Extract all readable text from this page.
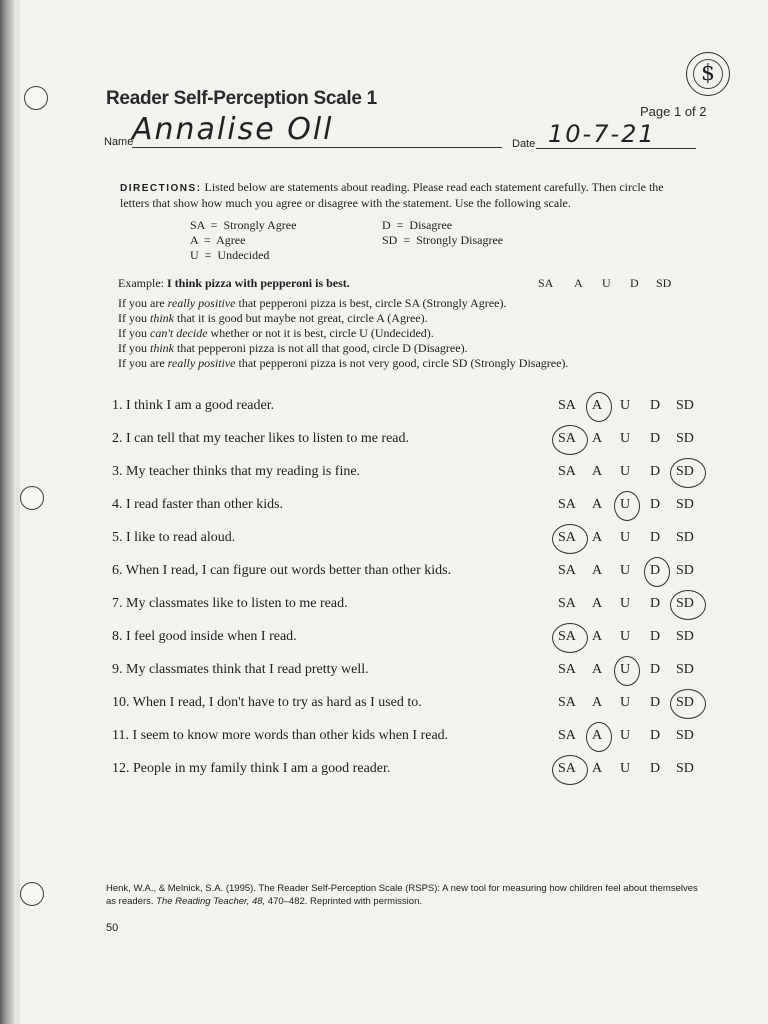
$
Reader Self-Perception Scale 1
Page 1 of 2
Name
Annalise Oll	Date 10-7-21
DIRECTIONS: Listed below are statements about reading. Please read each statement carefully. Then circle the letters that show how much you agree or disagree with the statement. Use the following scale.
SA  =  Strongly Agree
A  =  Agree
U  =  Undecided
D  =  Disagree
SD  =  Strongly Disagree
Example: I think pizza with pepperoni is best.	SA A U D SD
If you are really positive that pepperoni pizza is best, circle SA (Strongly Agree).
If you think that it is good but maybe not great, circle A (Agree).
If you can't decide whether or not it is best, circle U (Undecided).
If you think that pepperoni pizza is not all that good, circle D (Disagree).
If you are really positive that pepperoni pizza is not very good, circle SD (Strongly Disagree).
1. I think I am a good reader.	SA A U D SD
2. I can tell that my teacher likes to listen to me read.	SA A U D SD
3. My teacher thinks that my reading is fine.	SA A U D SD
4. I read faster than other kids.	SA A U D SD
5. I like to read aloud.	SA A U D SD
6. When I read, I can figure out words better than other kids.	SA A U D SD
7. My classmates like to listen to me read.	SA A U D SD
8. I feel good inside when I read.	SA A U D SD
9. My classmates think that I read pretty well.	SA A U D SD
10. When I read, I don't have to try as hard as I used to.	SA A U D SD
11. I seem to know more words than other kids when I read.	SA A U D SD
12. People in my family think I am a good reader.	SA A U D SD
Henk, W.A., & Melnick, S.A. (1995). The Reader Self-Perception Scale (RSPS): A new tool for measuring how children feel about themselves as readers. The Reading Teacher, 48, 470–482. Reprinted with permission.
50
